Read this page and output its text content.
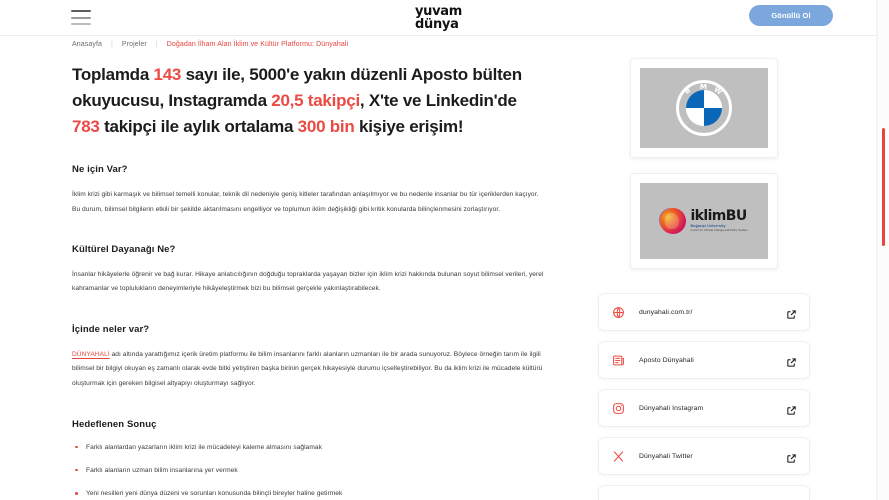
yuvam
dünya
Gönüllü Ol
Anasayfa | Projeler | Doğadan İlham Alan İklim ve Kültür Platformu: Dünyahali
Toplamda 143 sayı ile, 5000'e yakın düzenli Aposto bülten okuyucusu, Instagramda 20,5 takipçi, X'te ve Linkedin'de 783 takipçi ile aylık ortalama 300 bin kişiye erişim!
Ne için Var?

İklim krizi gibi karmaşık ve bilimsel temelli konular, teknik dil nedeniyle geniş kitleler tarafından anlaşılmıyor ve bu nedenle insanlar bu tür içeriklerden kaçıyor. Bu durum, bilimsel bilgilerin etkili bir şekilde aktarılmasını engelliyor ve toplumun iklim değişikliği gibi kritik konularda bilinçlenmesini zorlaştırıyor.

Kültürel Dayanağı Ne?

İnsanlar hikâyelerle öğrenir ve bağ kurar. Hikaye anlatıcılığının doğduğu topraklarda yaşayan bizler için iklim krizi hakkında bulunan soyut bilimsel verileri, yerel kahramanlar ve toplulukların deneyimleriyle hikâyeleştirmek bizi bu bilimsel gerçekle yakınlaştırabilecek.

İçinde neler var?

DÜNYAHALİ adı altında yarattığımız içerik üretim platformu ile bilim insanlarını farklı alanların uzmanları ile bir arada sunuyoruz. Böylece örneğin tarım ile ilgili bilimsel bir bilgiyi okuyan eş zamanlı olarak evde bitki yetiştiren başka birinin gerçek hikayesiyle durumu içselleştirebiliyor. Bu da iklim krizi ile mücadele kültürü oluşturmak için gereken bilgisel altyapıyı oluşturmayı sağlıyor.

Hedeflenen Sonuç
Farklı alanlardan yazarların iklim krizi ile mücadeleyi kaleme almasını sağlamak
Farklı alanların uzman bilim insanlarına yer vermek
Yeni nesilleri yeni dünya düzeni ve sorunları konusunda bilinçli bireyler haline getirmek
B M W
iklimBU
Boğaziçi University
Center for Climate Change and Policy Studies
dunyahali.com.tr/
Aposto Dünyahali
Dünyahali Instagram
Dünyahali Twitter
